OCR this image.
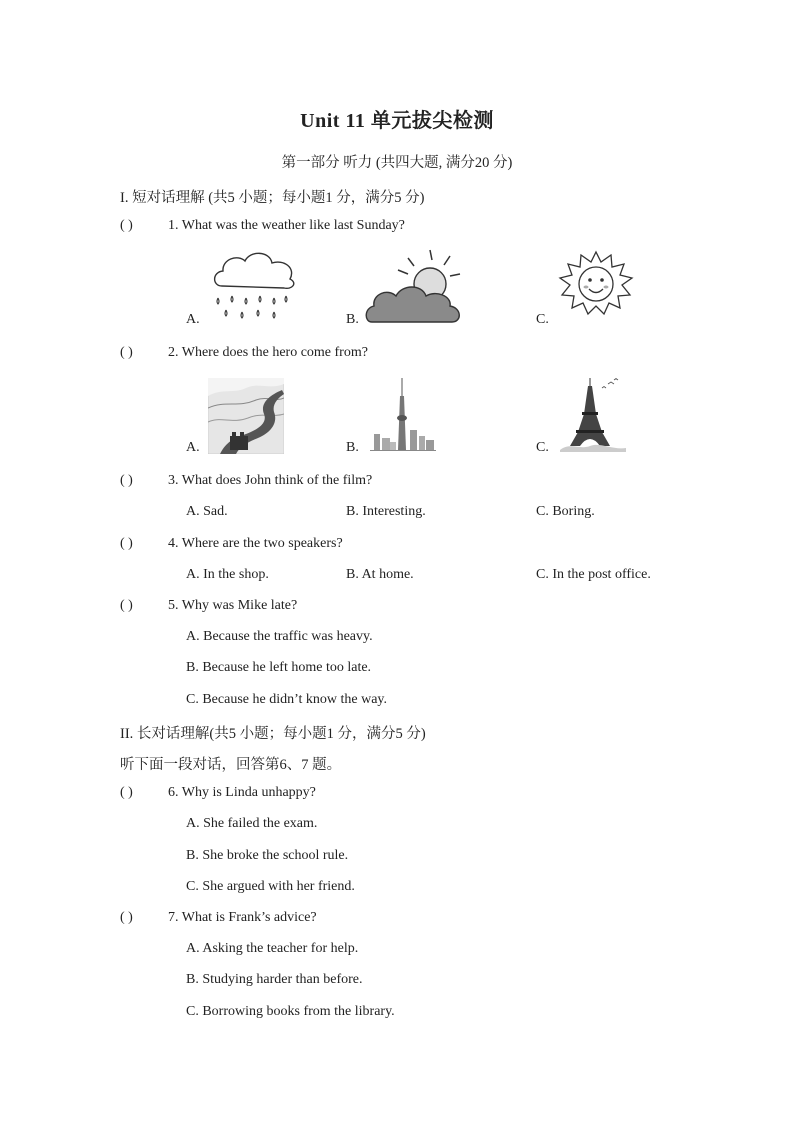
Unit 11 单元拔尖检测
第一部分 听力 (共四大题, 满分20 分)
I. 短对话理解 (共5 小题；每小题1 分，满分5 分)
( )	1. What was the weather like last Sunday?
A.	B.	C.
( )	2. Where does the hero come from?
A.	B.	C.
( )	3. What does John think of the film?
A. Sad.	B. Interesting.	C. Boring.
( )	4. Where are the two speakers?
A. In the shop.	B. At home.	C. In the post office.
( )	5. Why was Mike late?
A. Because the traffic was heavy.
B. Because he left home too late.
C. Because he didn’t know the way.
II. 长对话理解(共5 小题；每小题1 分，满分5 分)
听下面一段对话，回答第6、7 题。
( )	6. Why is Linda unhappy?
A. She failed the exam.
B. She broke the school rule.
C. She argued with her friend.
( )	7. What is Frank’s advice?
A. Asking the teacher for help.
B. Studying harder than before.
C. Borrowing books from the library.
